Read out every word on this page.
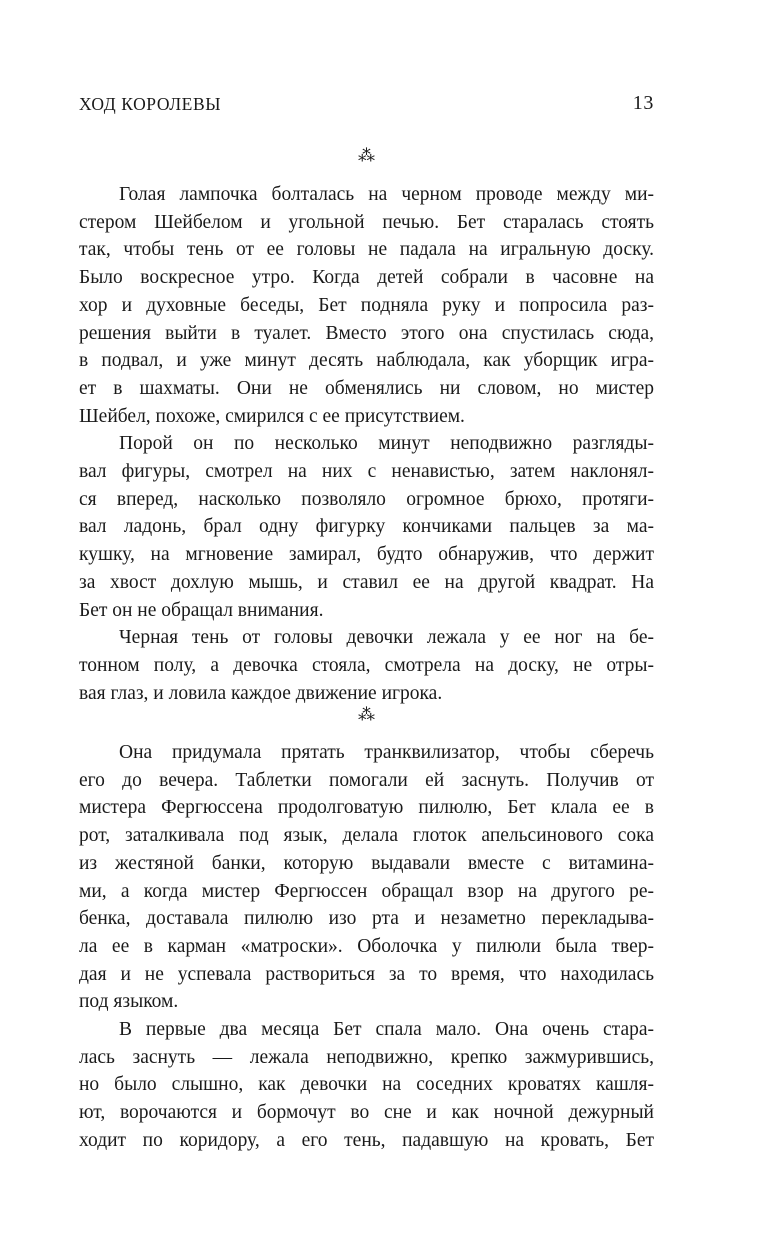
ХОД КОРОЛЕВЫ	13
⁂

Голая лампочка болталась на черном проводе между ми-
стером Шейбелом и угольной печью. Бет старалась стоять
так, чтобы тень от ее головы не падала на игральную доску.
Было воскресное утро. Когда детей собрали в часовне на
хор и духовные беседы, Бет подняла руку и попросила раз-
решения выйти в туалет. Вместо этого она спустилась сюда,
в подвал, и уже минут десять наблюдала, как уборщик игра-
ет в шахматы. Они не обменялись ни словом, но мистер
Шейбел, похоже, смирился с ее присутствием.

Порой он по несколько минут неподвижно разгляды-
вал фигуры, смотрел на них с ненавистью, затем наклонял-
ся вперед, насколько позволяло огромное брюхо, протяги-
вал ладонь, брал одну фигурку кончиками пальцев за ма-
кушку, на мгновение замирал, будто обнаружив, что держит
за хвост дохлую мышь, и ставил ее на другой квадрат. На
Бет он не обращал внимания.

Черная тень от головы девочки лежала у ее ног на бе-
тонном полу, а девочка стояла, смотрела на доску, не отры-
вая глаз, и ловила каждое движение игрока.

⁂

Она придумала прятать транквилизатор, чтобы сберечь
его до вечера. Таблетки помогали ей заснуть. Получив от
мистера Фергюссена продолговатую пилюлю, Бет клала ее в
рот, заталкивала под язык, делала глоток апельсинового сока
из жестяной банки, которую выдавали вместе с витамина-
ми, а когда мистер Фергюссен обращал взор на другого ре-
бенка, доставала пилюлю изо рта и незаметно перекладыва-
ла ее в карман «матроски». Оболочка у пилюли была твер-
дая и не успевала раствориться за то время, что находилась
под языком.

В первые два месяца Бет спала мало. Она очень стара-
лась заснуть — лежала неподвижно, крепко зажмурившись,
но было слышно, как девочки на соседних кроватях кашля-
ют, ворочаются и бормочут во сне и как ночной дежурный
ходит по коридору, а его тень, падавшую на кровать, Бет
